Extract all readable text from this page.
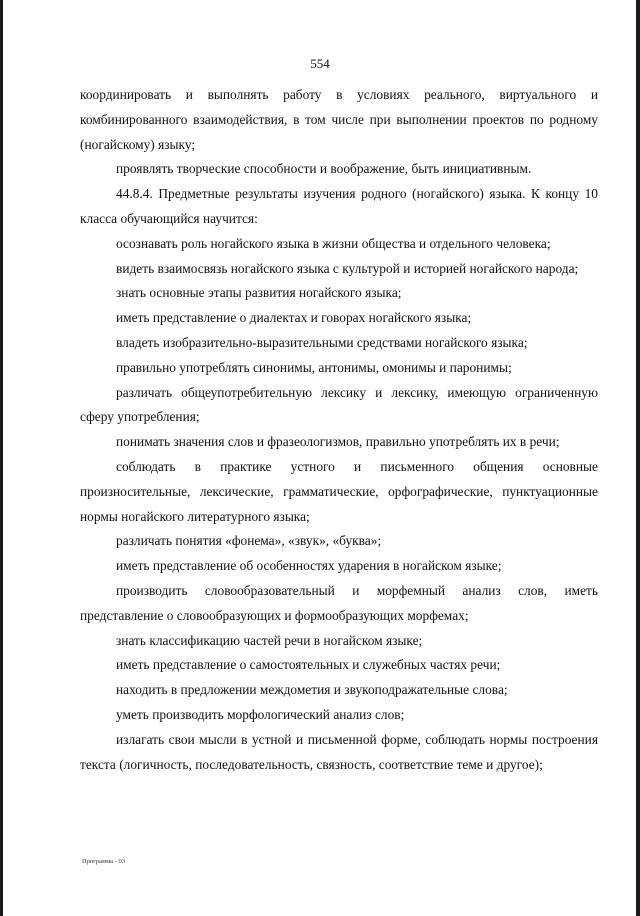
554

координировать и выполнять работу в условиях реального, виртуального и комбинированного взаимодействия, в том числе при выполнении проектов по родному (ногайскому) языку;

проявлять творческие способности и воображение, быть инициативным.

44.8.4. Предметные результаты изучения родного (ногайского) языка. К концу 10 класса обучающийся научится:

осознавать роль ногайского языка в жизни общества и отдельного человека;

видеть взаимосвязь ногайского языка с культурой и историей ногайского народа;

знать основные этапы развития ногайского языка;

иметь представление о диалектах и говорах ногайского языка;

владеть изобразительно-выразительными средствами ногайского языка;

правильно употреблять синонимы, антонимы, омонимы и паронимы;

различать общеупотребительную лексику и лексику, имеющую ограниченную сферу употребления;

понимать значения слов и фразеологизмов, правильно употреблять их в речи;

соблюдать в практике устного и письменного общения основные произносительные, лексические, грамматические, орфографические, пунктуационные нормы ногайского литературного языка;

различать понятия «фонема», «звук», «буква»;

иметь представление об особенностях ударения в ногайском языке;

производить словообразовательный и морфемный анализ слов, иметь представление о словообразующих и формообразующих морфемах;

знать классификацию частей речи в ногайском языке;

иметь представление о самостоятельных и служебных частях речи;

находить в предложении междометия и звукоподражательные слова;

уметь производить морфологический анализ слов;

излагать свои мысли в устной и письменной форме, соблюдать нормы построения текста (логичность, последовательность, связность, соответствие теме и другое);

Программа - 03
